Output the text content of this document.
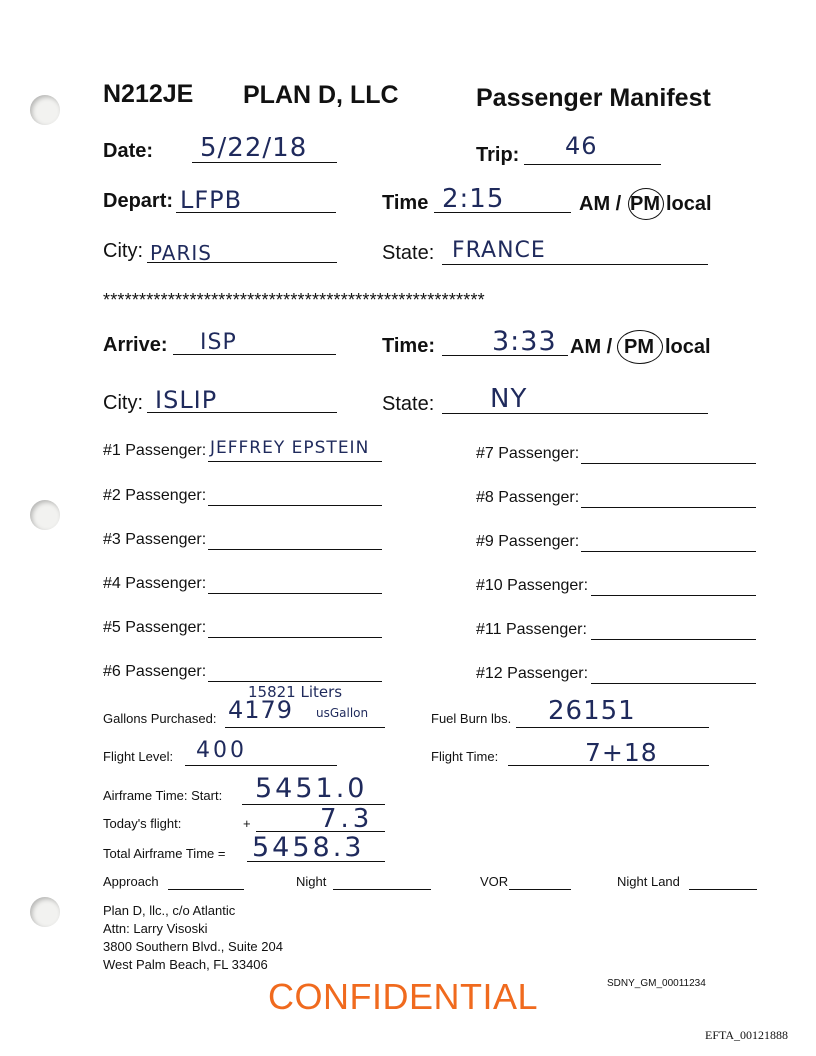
N212JE PLAN D, LLC	Passenger Manifest
Date: 5/22/18	Trip: 46
Depart: LFPB	Time 2:15	AM / PM local
City: PARIS	State: FRANCE
*****************************************************
Arrive: ISP	Time: 3:33 AM / PM local
City: ISLIP	State: NY
#1 Passenger: JEFFREY EPSTEIN
#2 Passenger:
#3 Passenger:
#4 Passenger:
#5 Passenger:
#6 Passenger:
#7 Passenger:
#8 Passenger:
#9 Passenger:
#10 Passenger:
#11 Passenger:
#12 Passenger:
15821 Liters
Gallons Purchased: 4179 usGallon	Fuel Burn lbs. 26151
Flight Level: 400	Flight Time:	7+18
Airframe Time: Start: 5451.0
Today's flight:	+	7.3
Total Airframe Time = 5458.3
Approach	Night	VOR	Night Land
Plan D, llc., c/o Atlantic
Attn: Larry Visoski
3800 Southern Blvd., Suite 204
West Palm Beach, FL 33406
CONFIDENTIAL	SDNY_GM_00011234
EFTA_00121888
